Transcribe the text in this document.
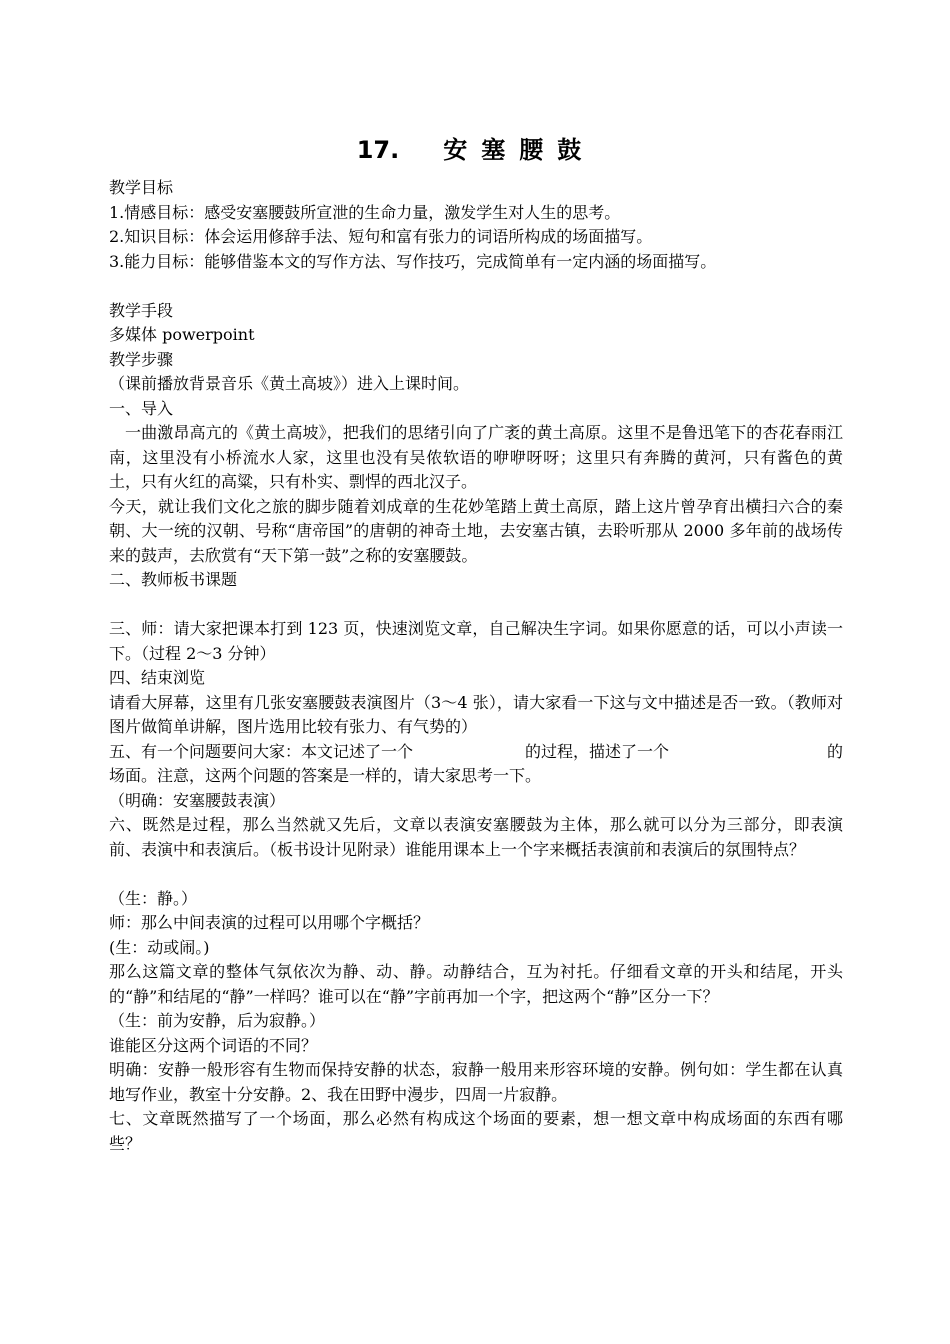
17. 安塞腰鼓

教学目标

1.情感目标：感受安塞腰鼓所宣泄的生命力量，激发学生对人生的思考。

2.知识目标：体会运用修辞手法、短句和富有张力的词语所构成的场面描写。

3.能力目标：能够借鉴本文的写作方法、写作技巧，完成简单有一定内涵的场面描写。

教学手段

多媒体 powerpoint

教学步骤

（课前播放背景音乐《黄土高坡》）进入上课时间。

一、导入

一曲激昂高亢的《黄土高坡》，把我们的思绪引向了广袤的黄土高原。这里不是鲁迅笔下的杏花春雨江南，这里没有小桥流水人家，这里也没有吴侬软语的咿咿呀呀；这里只有奔腾的黄河，只有酱色的黄土，只有火红的高粱，只有朴实、剽悍的西北汉子。

今天，就让我们文化之旅的脚步随着刘成章的生花妙笔踏上黄土高原，踏上这片曾孕育出横扫六合的秦朝、大一统的汉朝、号称“唐帝国”的唐朝的神奇土地，去安塞古镇，去聆听那从 2000 多年前的战场传来的鼓声，去欣赏有“天下第一鼓”之称的安塞腰鼓。

二、教师板书课题

三、师：请大家把课本打到 123 页，快速浏览文章，自己解决生字词。如果你愿意的话，可以小声读一下。（过程 2～3 分钟）

四、结束浏览

请看大屏幕，这里有几张安塞腰鼓表演图片（3～4 张），请大家看一下这与文中描述是否一致。（教师对图片做简单讲解，图片选用比较有张力、有气势的）

五、有一个问题要问大家：本文记述了一个	的过程，描述了一个	的

场面。注意，这两个问题的答案是一样的，请大家思考一下。

（明确：安塞腰鼓表演）

六、既然是过程，那么当然就又先后，文章以表演安塞腰鼓为主体，那么就可以分为三部分，即表演前、表演中和表演后。（板书设计见附录）谁能用课本上一个字来概括表演前和表演后的氛围特点？

（生：静。）

师：那么中间表演的过程可以用哪个字概括？

(生：动或闹。)

那么这篇文章的整体气氛依次为静、动、静。动静结合，互为衬托。仔细看文章的开头和结尾，开头的“静”和结尾的“静”一样吗？谁可以在“静”字前再加一个字，把这两个“静”区分一下？

（生：前为安静，后为寂静。）

谁能区分这两个词语的不同？

明确：安静一般形容有生物而保持安静的状态，寂静一般用来形容环境的安静。例句如：学生都在认真地写作业，教室十分安静。2、我在田野中漫步，四周一片寂静。

七、文章既然描写了一个场面，那么必然有构成这个场面的要素，想一想文章中构成场面的东西有哪些？
